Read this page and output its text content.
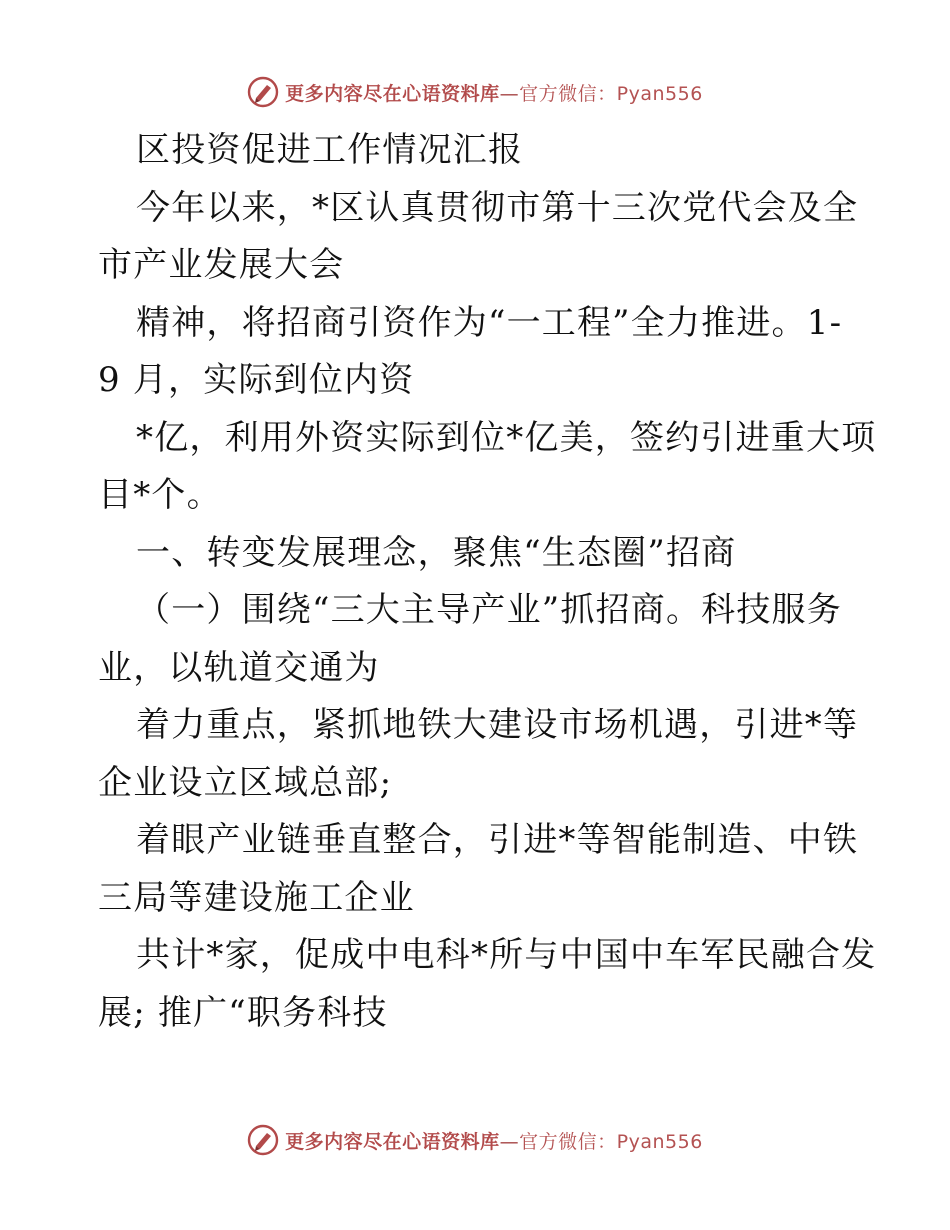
更多内容尽在心语资料库—官方微信：Pyan556
区投资促进工作情况汇报
今年以来，*区认真贯彻市第十三次党代会及全
市产业发展大会
精神，将招商引资作为“一工程”全力推进。1-
9 月，实际到位内资
*亿，利用外资实际到位*亿美，签约引进重大项
目*个。
一、转变发展理念，聚焦“生态圈”招商
（一）围绕“三大主导产业”抓招商。科技服务
业，以轨道交通为
着力重点，紧抓地铁大建设市场机遇，引进*等
企业设立区域总部;
着眼产业链垂直整合，引进*等智能制造、中铁
三局等建设施工企业
共计*家，促成中电科*所与中国中车军民融合发
展; 推广“职务科技
更多内容尽在心语资料库—官方微信：Pyan556
